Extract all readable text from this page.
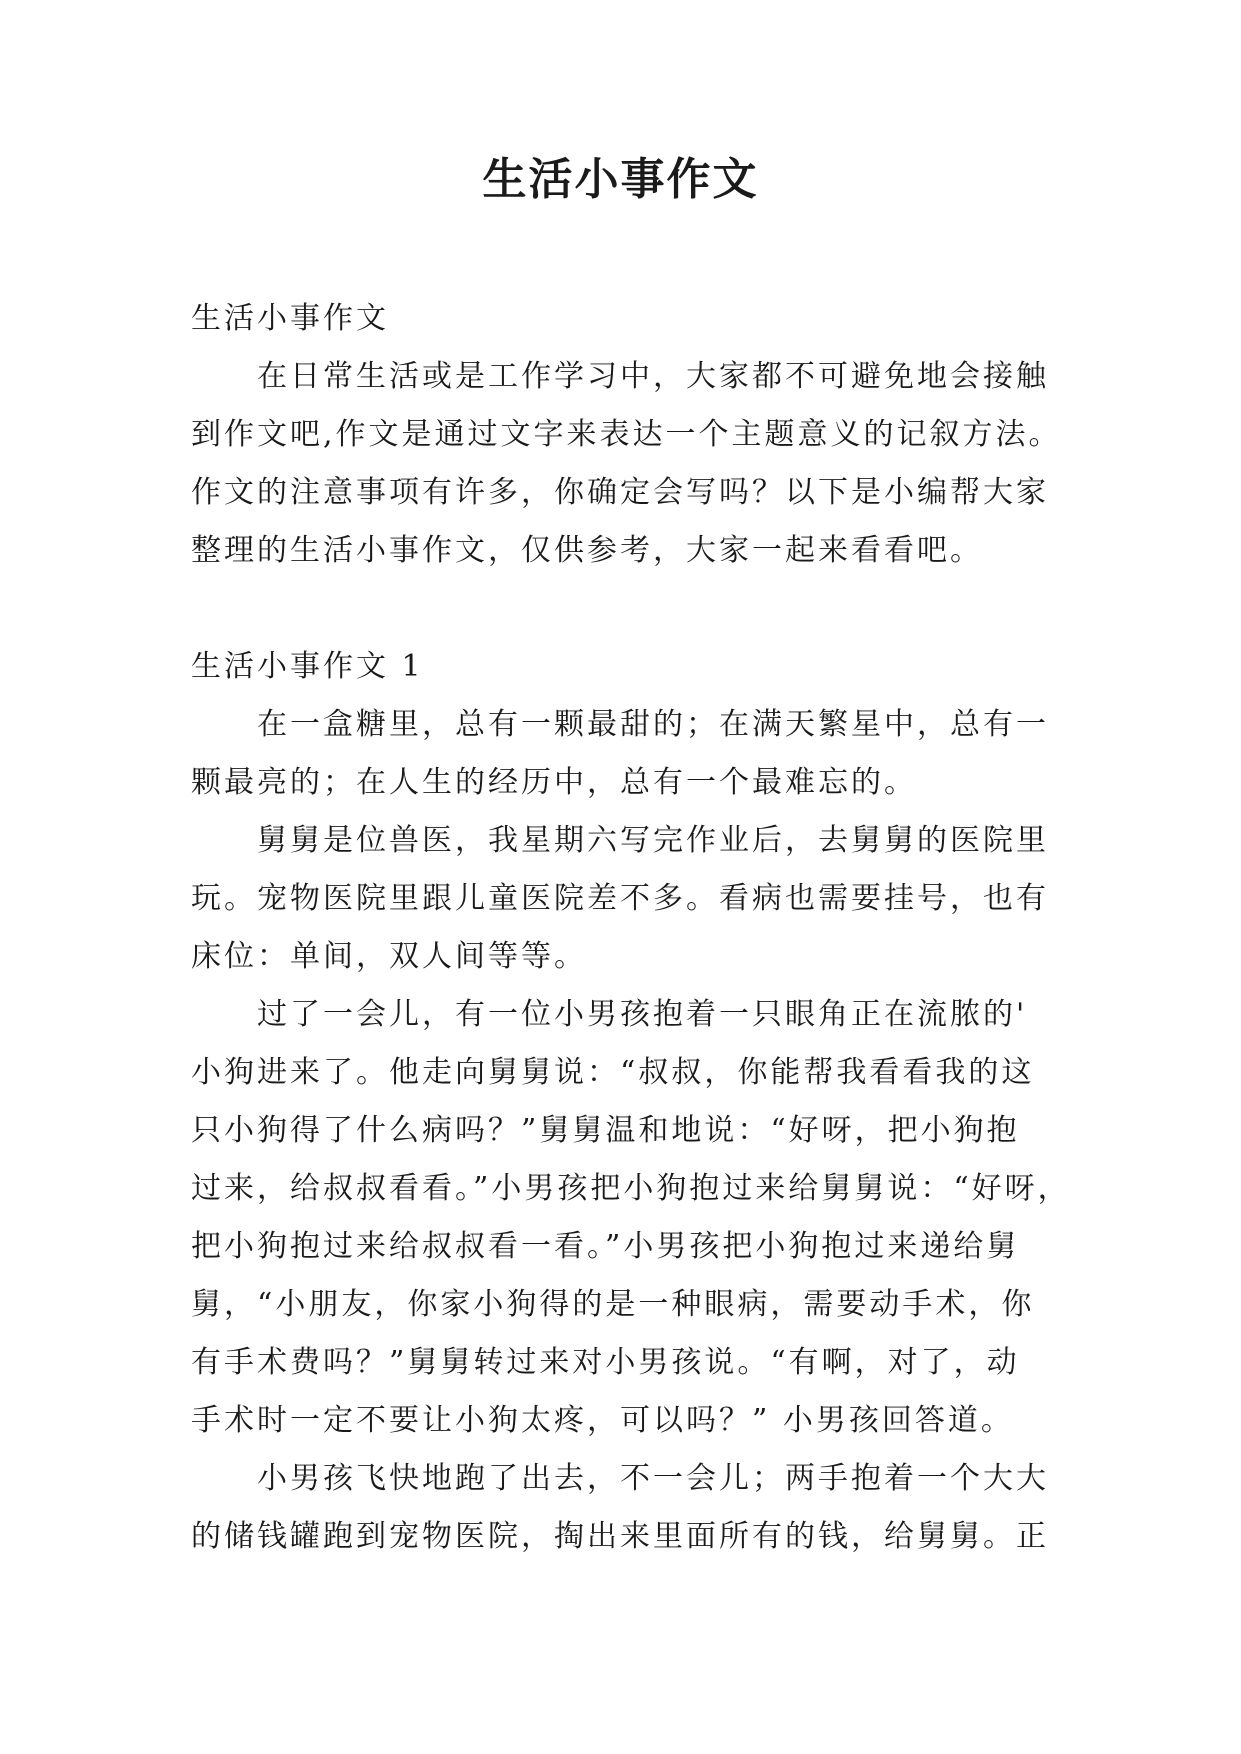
生活小事作文

生活小事作文

　　在日常生活或是工作学习中，大家都不可避免地会接触

到作文吧,作文是通过文字来表达一个主题意义的记叙方法。

作文的注意事项有许多，你确定会写吗？以下是小编帮大家

整理的生活小事作文，仅供参考，大家一起来看看吧。

生活小事作文 1

　　在一盒糖里，总有一颗最甜的；在满天繁星中，总有一

颗最亮的；在人生的经历中，总有一个最难忘的。

　　舅舅是位兽医，我星期六写完作业后，去舅舅的医院里

玩。宠物医院里跟儿童医院差不多。看病也需要挂号，也有

床位：单间，双人间等等。

　　过了一会儿，有一位小男孩抱着一只眼角正在流脓的'

小狗进来了。他走向舅舅说：“叔叔，你能帮我看看我的这

只小狗得了什么病吗？”舅舅温和地说：“好呀，把小狗抱

过来，给叔叔看看。”小男孩把小狗抱过来给舅舅说：“好呀，

把小狗抱过来给叔叔看一看。”小男孩把小狗抱过来递给舅

舅，“小朋友，你家小狗得的是一种眼病，需要动手术，你

有手术费吗？”舅舅转过来对小男孩说。“有啊，对了，动

手术时一定不要让小狗太疼，可以吗？” 小男孩回答道。

　　小男孩飞快地跑了出去，不一会儿；两手抱着一个大大

的储钱罐跑到宠物医院，掏出来里面所有的钱，给舅舅。正
